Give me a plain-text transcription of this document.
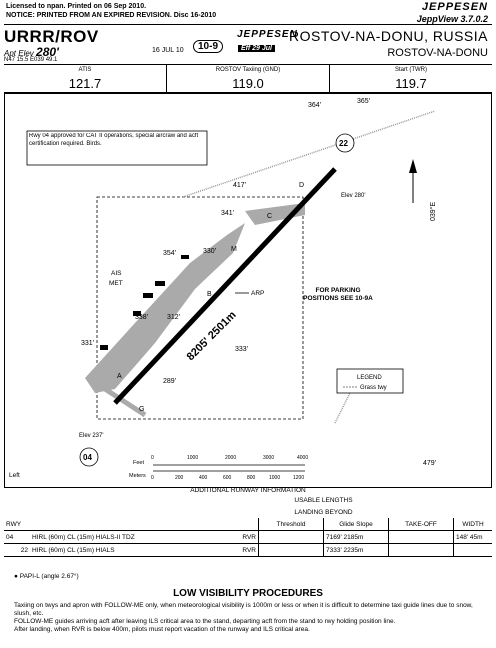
Licensed to npan. Printed on 06 Sep 2010.
NOTICE: PRINTED FROM AN EXPIRED REVISION. Disc 16-2010
JEPPESEN
JeppView 3.7.0.2
URRR/ROV
Apt Elev 280'
N47 15.5 E039 49.1
16 JUL 10	10-9
JEPPESEN
Eff 29 Jul
ROSTOV-NA-DONU, RUSSIA
ROSTOV-NA-DONU
ATIS
121.7
ROSTOV Taxiing (GND)
119.0
Start (TWR)
119.7
Rwy 04 approved for CAT II operations, special aircraw and acft certification required. Birds.
364'
365'
417'
341'
354'	330'
338'	312'
331'
333'
289'
479'
D
C
M
B
A
G
AIS
MET
ARP
8205' 2501m
22
04
Elev 237'
Elev 280'
FOR PARKING POSITIONS SEE 10-9A
039°E
LEGEND
Grass twy
Feet
0	1000	2000	3000	4000
Meters 0	200	400	600	800	1000	1200
Left
ADDITIONAL RUNWAY INFORMATION
		USABLE LENGTHS			
		LANDING BEYOND			
RWY		Threshold	Glide Slope	TAKE-OFF	WIDTH
04	HIRL (60m) CL (15m) HIALS-II TDZ RVR		7169' 2185m		148' 45m
22	HIRL (60m) CL (15m) HIALS RVR		7333' 2235m		
● PAPI-L (angle 2.67°)
LOW VISIBILITY PROCEDURES
Taxiing on twys and apron with FOLLOW-ME only, when meteorological visibility is 1000m or less or when it is difficult to determine taxi guide lines due to snow, slush, etc.
FOLLOW-ME guides arriving acft after leaving ILS critical area to the stand, departing acft from the stand to rwy holding position line.
After landing, when RVR is below 400m, pilots must report vacation of the runway and ILS critical area.
